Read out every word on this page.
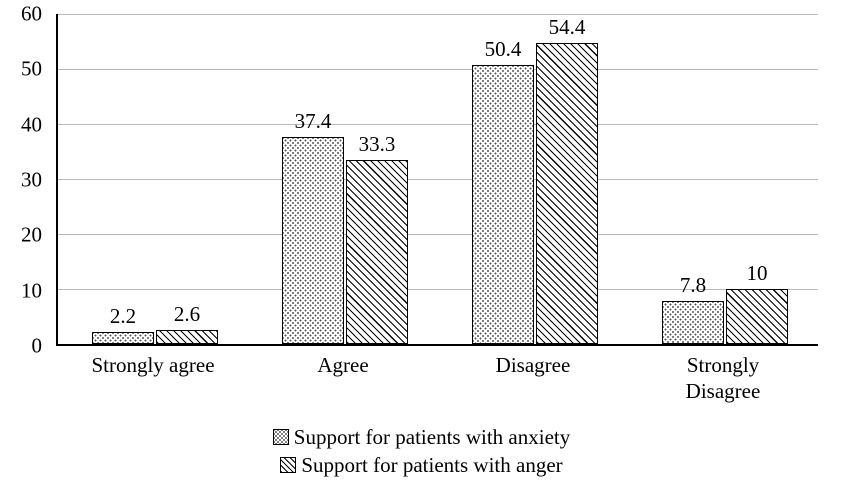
60
50
40
30
20
10
0
2.2 2.6
37.4
33.3
50.4
54.4
7.8 10
Strongly agree	Agree	Disagree	Strongly
Disagree
Support for patients with anxiety
Support for patients with anger
